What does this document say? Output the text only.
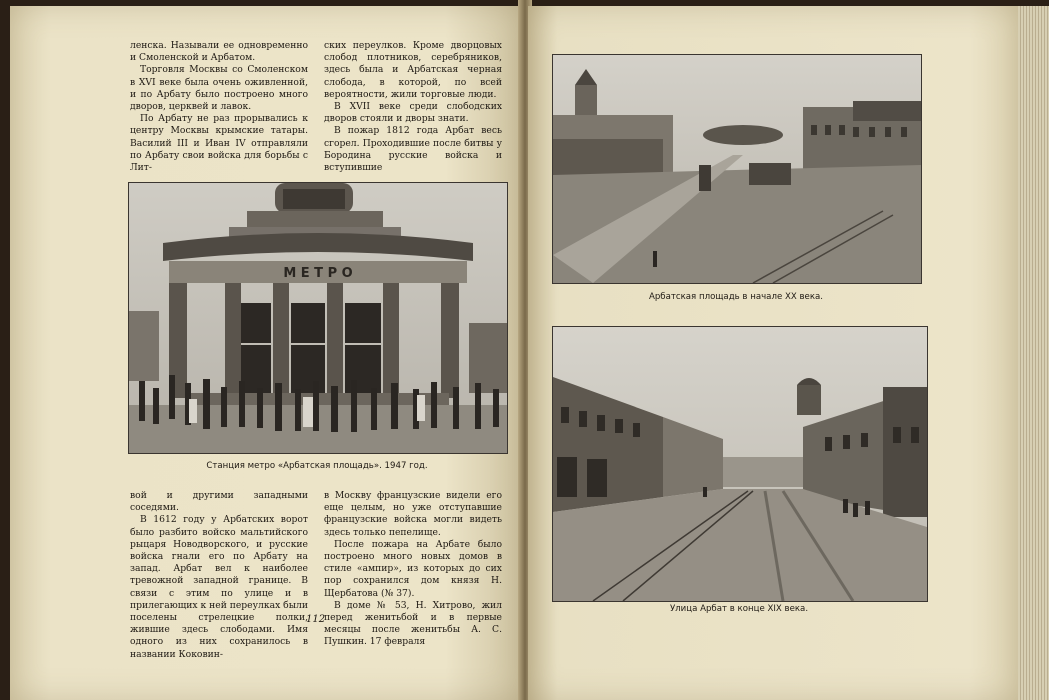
ленска. Называли ее одновременно и Смоленской и Арбатом.

Торговля Москвы со Смоленском в XVI веке была очень оживленной, и по Арбату было построено много дворов, церквей и лавок.

По Арбату не раз прорывались к центру Москвы крымские татары. Василий III и Иван IV отправляли по Арбату свои войска для борьбы с Лит-

ских переулков. Кроме дворцовых слобод плотников, серебряников, здесь была и Арбатская черная слобода, в которой, по всей вероятности, жили торговые люди.

В XVII веке среди слободских дворов стояли и дворы знати.

В пожар 1812 года Арбат весь сгорел. Проходившие после битвы у Бородина русские войска и вступившие

М Е Т Р О
Станция метро «Арбатская площадь». 1947 год.

вой и другими западными соседями.

В 1612 году у Арбатских ворот было разбито войско мальтийского рыцаря Новодворского, и русские войска гнали его по Арбату на запад. Арбат вел к наиболее тревожной западной границе. В связи с этим по улице и в прилегающих к ней переулках были поселены стрелецкие полки, жившие здесь слободами. Имя одного из них сохранилось в названии Коковин-

в Москву французские видели его еще целым, но уже отступавшие французские войска могли видеть здесь только пепелище.

После пожара на Арбате было построено много новых домов в стиле «ампир», из которых до сих пор сохранился дом князя Н. Щербатова (№ 37).

В доме № 53, Н. Хитрово, жил перед женитьбой и в первые месяцы после женитьбы А. С. Пушкин. 17 февраля

112
Арбатская площадь в начале XX века.
Улица Арбат в конце XIX века.
